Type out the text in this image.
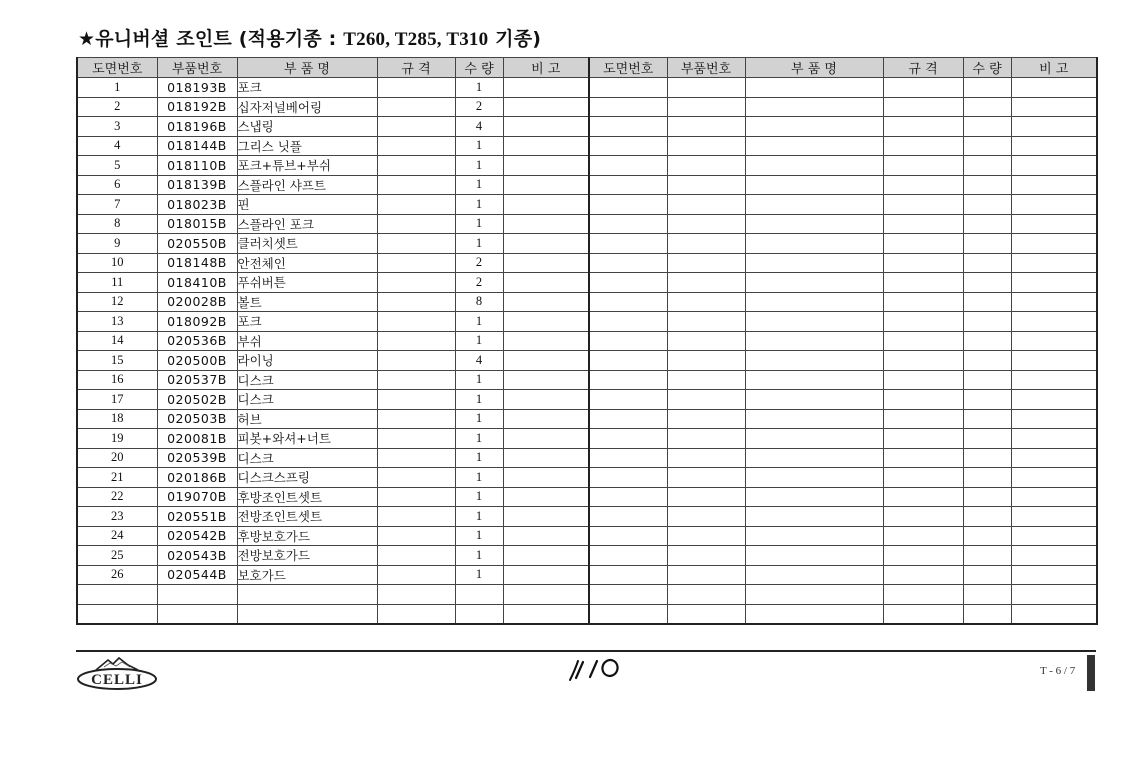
★유니버셜 조인트 (적용기종 : T260, T285, T310 기종)
도면번호	부품번호	부 품 명	규 격	수 량	비 고	도면번호	부품번호	부 품 명	규 격	수 량	비 고
1	018193B	포크		1							
2	018192B	십자저널베어링		2							
3	018196B	스냅링		4							
4	018144B	그리스 닛플		1							
5	018110B	포크+튜브+부쉬		1							
6	018139B	스플라인 샤프트		1							
7	018023B	핀		1							
8	018015B	스플라인 포크		1							
9	020550B	클러치셋트		1							
10	018148B	안전체인		2							
11	018410B	푸쉬버튼		2							
12	020028B	볼트		8							
13	018092B	포크		1							
14	020536B	부쉬		1							
15	020500B	라이닝		4							
16	020537B	디스크		1							
17	020502B	디스크		1							
18	020503B	허브		1							
19	020081B	피봇+와셔+너트		1							
20	020539B	디스크		1							
21	020186B	디스크스프링		1							
22	019070B	후방조인트셋트		1							
23	020551B	전방조인트셋트		1							
24	020542B	후방보호가드		1							
25	020543B	전방보호가드		1							
26	020544B	보호가드		1							

CELLI
T - 6 / 7
